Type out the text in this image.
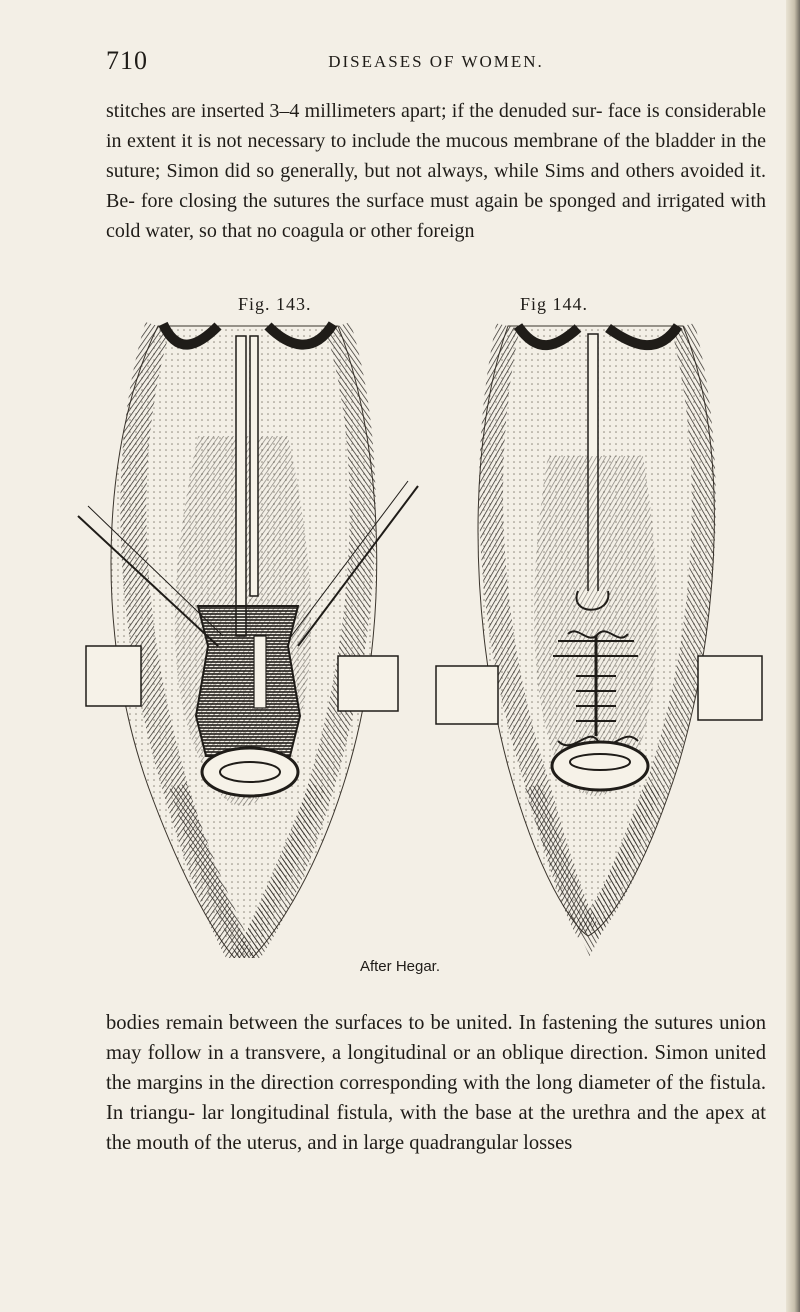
710	DISEASES OF WOMEN.

stitches are inserted 3–4 millimeters apart; if the denuded sur- face is considerable in extent it is not necessary to include the mucous membrane of the bladder in the suture; Simon did so generally, but not always, while Sims and others avoided it. Be- fore closing the sutures the surface must again be sponged and irrigated with cold water, so that no coagula or other foreign

Fig. 143.	Fig 144.
After Hegar.

bodies remain between the surfaces to be united. In fastening the sutures union may follow in a transvere, a longitudinal or an oblique direction. Simon united the margins in the direction corresponding with the long diameter of the fistula. In triangu- lar longitudinal fistula, with the base at the urethra and the apex at the mouth of the uterus, and in large quadrangular losses
